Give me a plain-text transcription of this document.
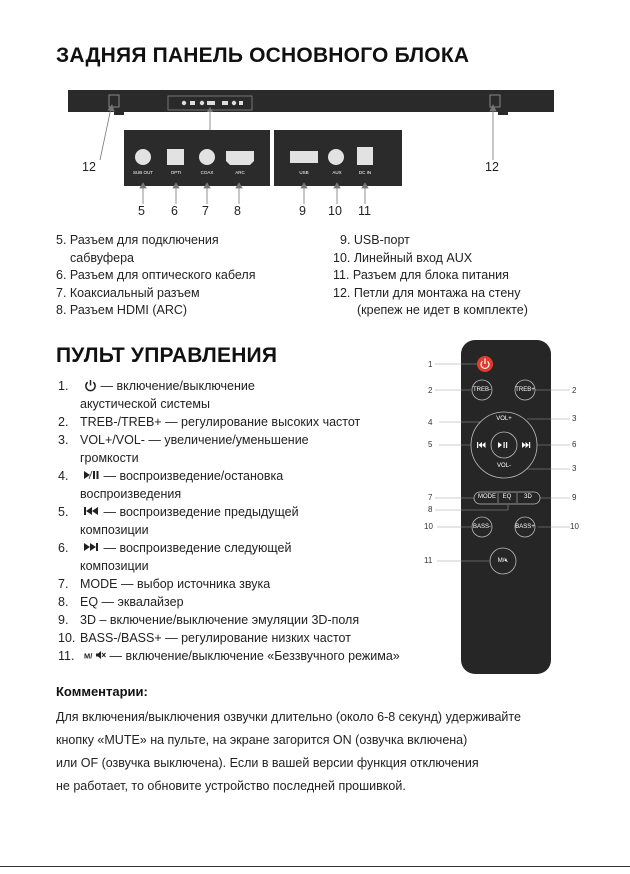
ЗАДНЯЯ ПАНЕЛЬ ОСНОВНОГО БЛОКА
SUB OUT	OPTI	COAX	ARC	USB	AUX	DC IN
5 6 7 8	9 10 11
12	12
5. Разъем для подключения
сабвуфера
6. Разъем для оптического кабеля
7. Коаксиальный разъем
8. Разъем HDMI (ARC)
9. USB-порт
10. Линейный вход AUX
11. Разъем для блока питания
12. Петли для монтажа на стену
(крепеж не идет в комплекте)
ПУЛЬТ УПРАВЛЕНИЯ
1. — включение/выключение
акустической системы
2. TREB-/TREB+ — регулирование высоких частот
3. VOL+/VOL- — увеличение/уменьшение
громкости
4.	— воспроизведение/остановка
воспроизведения
5.	— воспроизведение предыдущей
композиции
6.	— воспроизведение следующей
композиции
7. MODE — выбор источника звука
8. EQ — эквалайзер
9. 3D – включение/выключение эмуляции 3D-поля
10. BASS-/BASS+ — регулирование низких частот
11. M/ — включение/выключение «Беззвучного режима»
TREB-	TREB+
VOL+
VOL-
MODE	EQ	3D
BASS-	BASS+
M/🔇︎
1
2	2
3
4
5	6
3
7
8
9
10	10
11
Комментарии:
Для включения/выключения озвучки длительно (около 6-8 секунд) удерживайте
кнопку «MUTE» на пульте, на экране загорится ON (озвучка включена)
или OF (озвучка выключена). Если в вашей версии функция отключения
не работает, то обновите устройство последней прошивкой.
